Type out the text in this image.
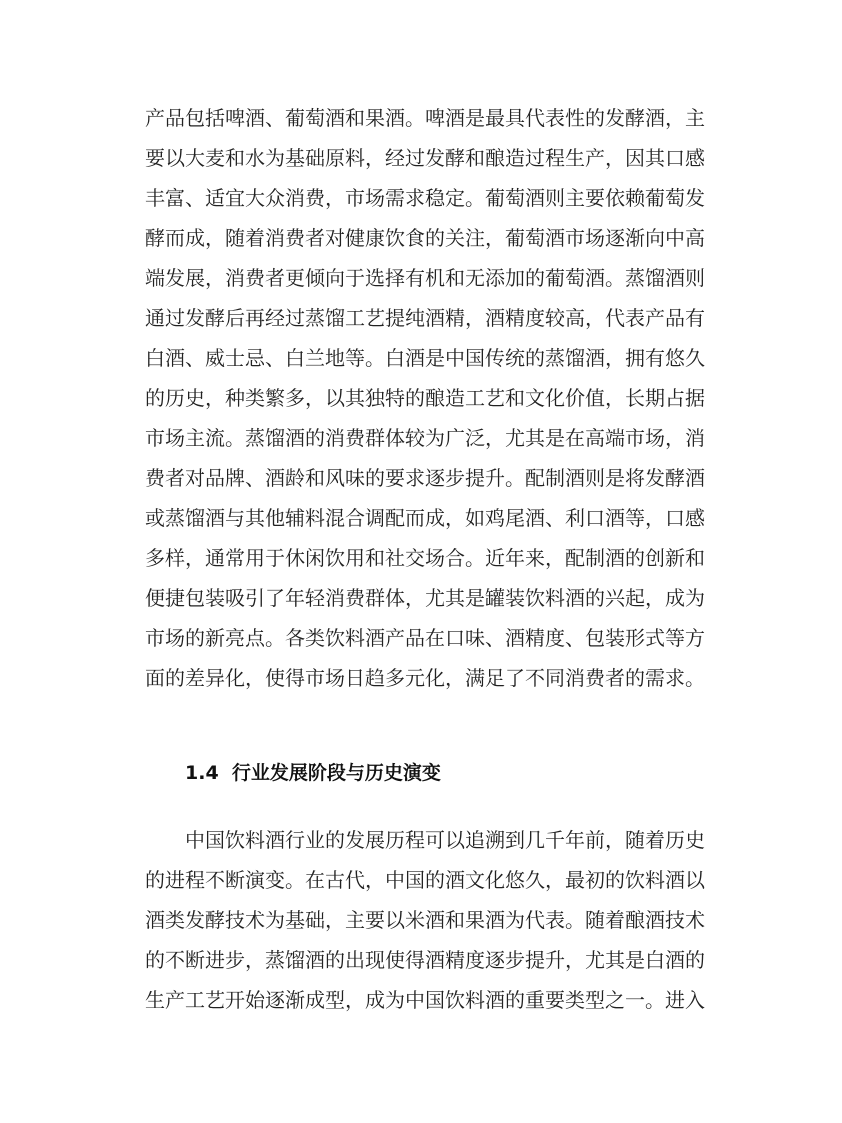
产品包括啤酒、葡萄酒和果酒。啤酒是最具代表性的发酵酒，主
要以大麦和水为基础原料，经过发酵和酿造过程生产，因其口感
丰富、适宜大众消费，市场需求稳定。葡萄酒则主要依赖葡萄发
酵而成，随着消费者对健康饮食的关注，葡萄酒市场逐渐向中高
端发展，消费者更倾向于选择有机和无添加的葡萄酒。蒸馏酒则
通过发酵后再经过蒸馏工艺提纯酒精，酒精度较高，代表产品有
白酒、威士忌、白兰地等。白酒是中国传统的蒸馏酒，拥有悠久
的历史，种类繁多，以其独特的酿造工艺和文化价值，长期占据
市场主流。蒸馏酒的消费群体较为广泛，尤其是在高端市场，消
费者对品牌、酒龄和风味的要求逐步提升。配制酒则是将发酵酒
或蒸馏酒与其他辅料混合调配而成，如鸡尾酒、利口酒等，口感
多样，通常用于休闲饮用和社交场合。近年来，配制酒的创新和
便捷包装吸引了年轻消费群体，尤其是罐装饮料酒的兴起，成为
市场的新亮点。各类饮料酒产品在口味、酒精度、包装形式等方
面的差异化，使得市场日趋多元化，满足了不同消费者的需求。
1.4  行业发展阶段与历史演变
中国饮料酒行业的发展历程可以追溯到几千年前，随着历史
的进程不断演变。在古代，中国的酒文化悠久，最初的饮料酒以
酒类发酵技术为基础，主要以米酒和果酒为代表。随着酿酒技术
的不断进步，蒸馏酒的出现使得酒精度逐步提升，尤其是白酒的
生产工艺开始逐渐成型，成为中国饮料酒的重要类型之一。进入
